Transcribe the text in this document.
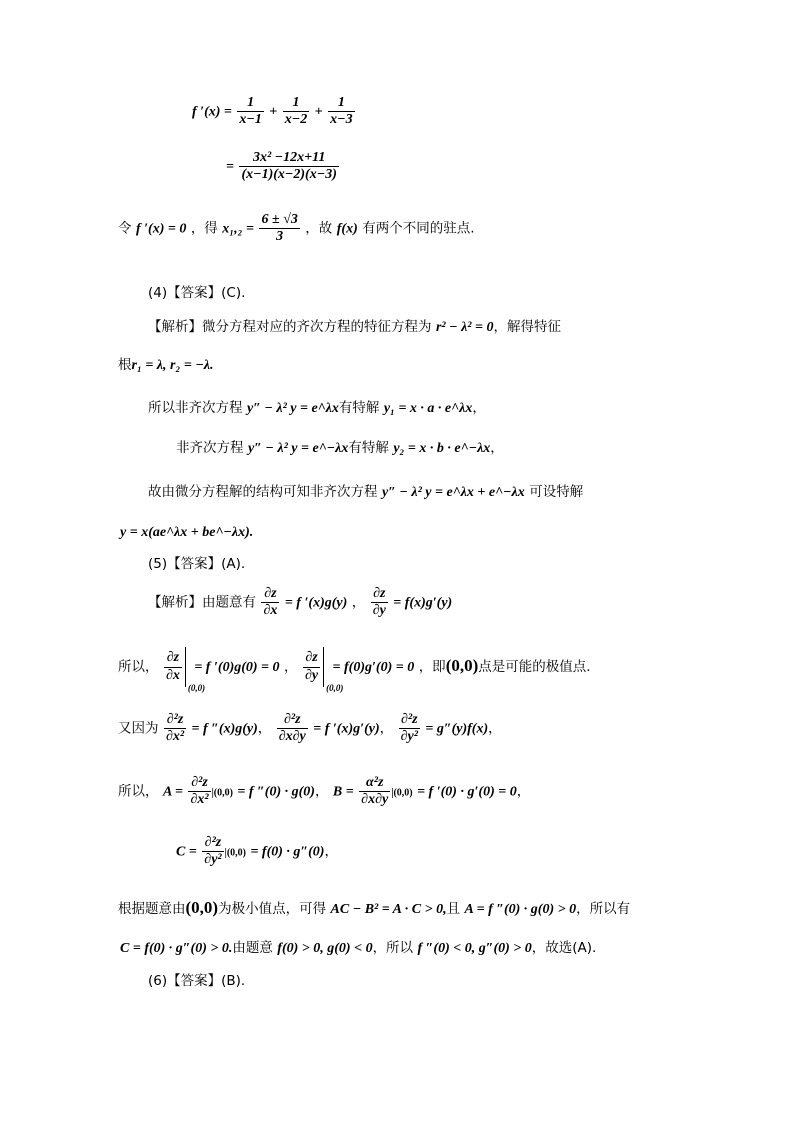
f $'(x) = \frac{1}{x-1} + \frac{1}{x-2} + \frac{1}{x-3}$
= $\frac{\text{3x² −12x+11}}{(x-1)(x-2)(x-3)}$
令 f ′(x) = 0 ，得 $x_1,_2 = \frac{6 \pm √3}{3}$ ，故 f(x) 有两个不同的驻点.
(4)【答案】(C).
【解析】微分方程对应的齐次方程的特征方程为 r² − λ² = 0，解得特征
根r₁ = λ, r₂ = −λ.
所以非齐次方程 y″ − λ² y = e^λx有特解 y₁ = x · a · e^λx，
非齐次方程 y″ − λ² y = e^−λx有特解 y₂ = x · b · e^−λx，
故由微分方程解的结构可知非齐次方程 y″ − λ² y = e^λx + e^−λx 可设特解
y = x(ae^λx + be^−λx).
(5)【答案】(A).
【解析】由题意有 $\frac{\partial z}{\partial x} = f$ ′(x)g(y) ， $\frac{\partial z}{\partial y} = f(x)g'(y)$
所以， $\frac{\partial z}{\partial x}$
(0,0)
= f ′(0)g(0) = 0 ， $\frac{\partial z}{\partial y}$
(0,0)
= f(0)g′(0) = 0 ，即(0,0)点是可能的极值点.
又因为 $\frac{\text{∂²z}}{\text{∂x²}} = f$ ″(x)g(y)， $\frac{\text{∂²z}}{\partial x\partial y} = f$ ′(x)g′(y)， $\frac{\text{∂²z}}{\text{∂y²}} = g''(y)f(x)$，
所以， $A = \frac{\text{∂²z}}{\text{∂x²}} |(0,0) = f$ ″(0) · g(0)， $B = \frac{\text{α²z}}{\partial x\partial y} |(0,0) = f$ ′(0) · g′(0) = 0，
$C = \frac{\text{∂²z}}{\text{∂y²}} |(0,0) = f(0) \cdot g''(0)$，
根据题意由(0,0)为极小值点，可得 AC − B² = A · C > 0,且 A = f ″(0) · g(0) > 0，所以有
C = f(0) · g″(0) > 0.由题意 f(0) > 0, g(0) < 0，所以 f ″(0) < 0, g″(0) > 0，故选(A).
(6)【答案】(B).
